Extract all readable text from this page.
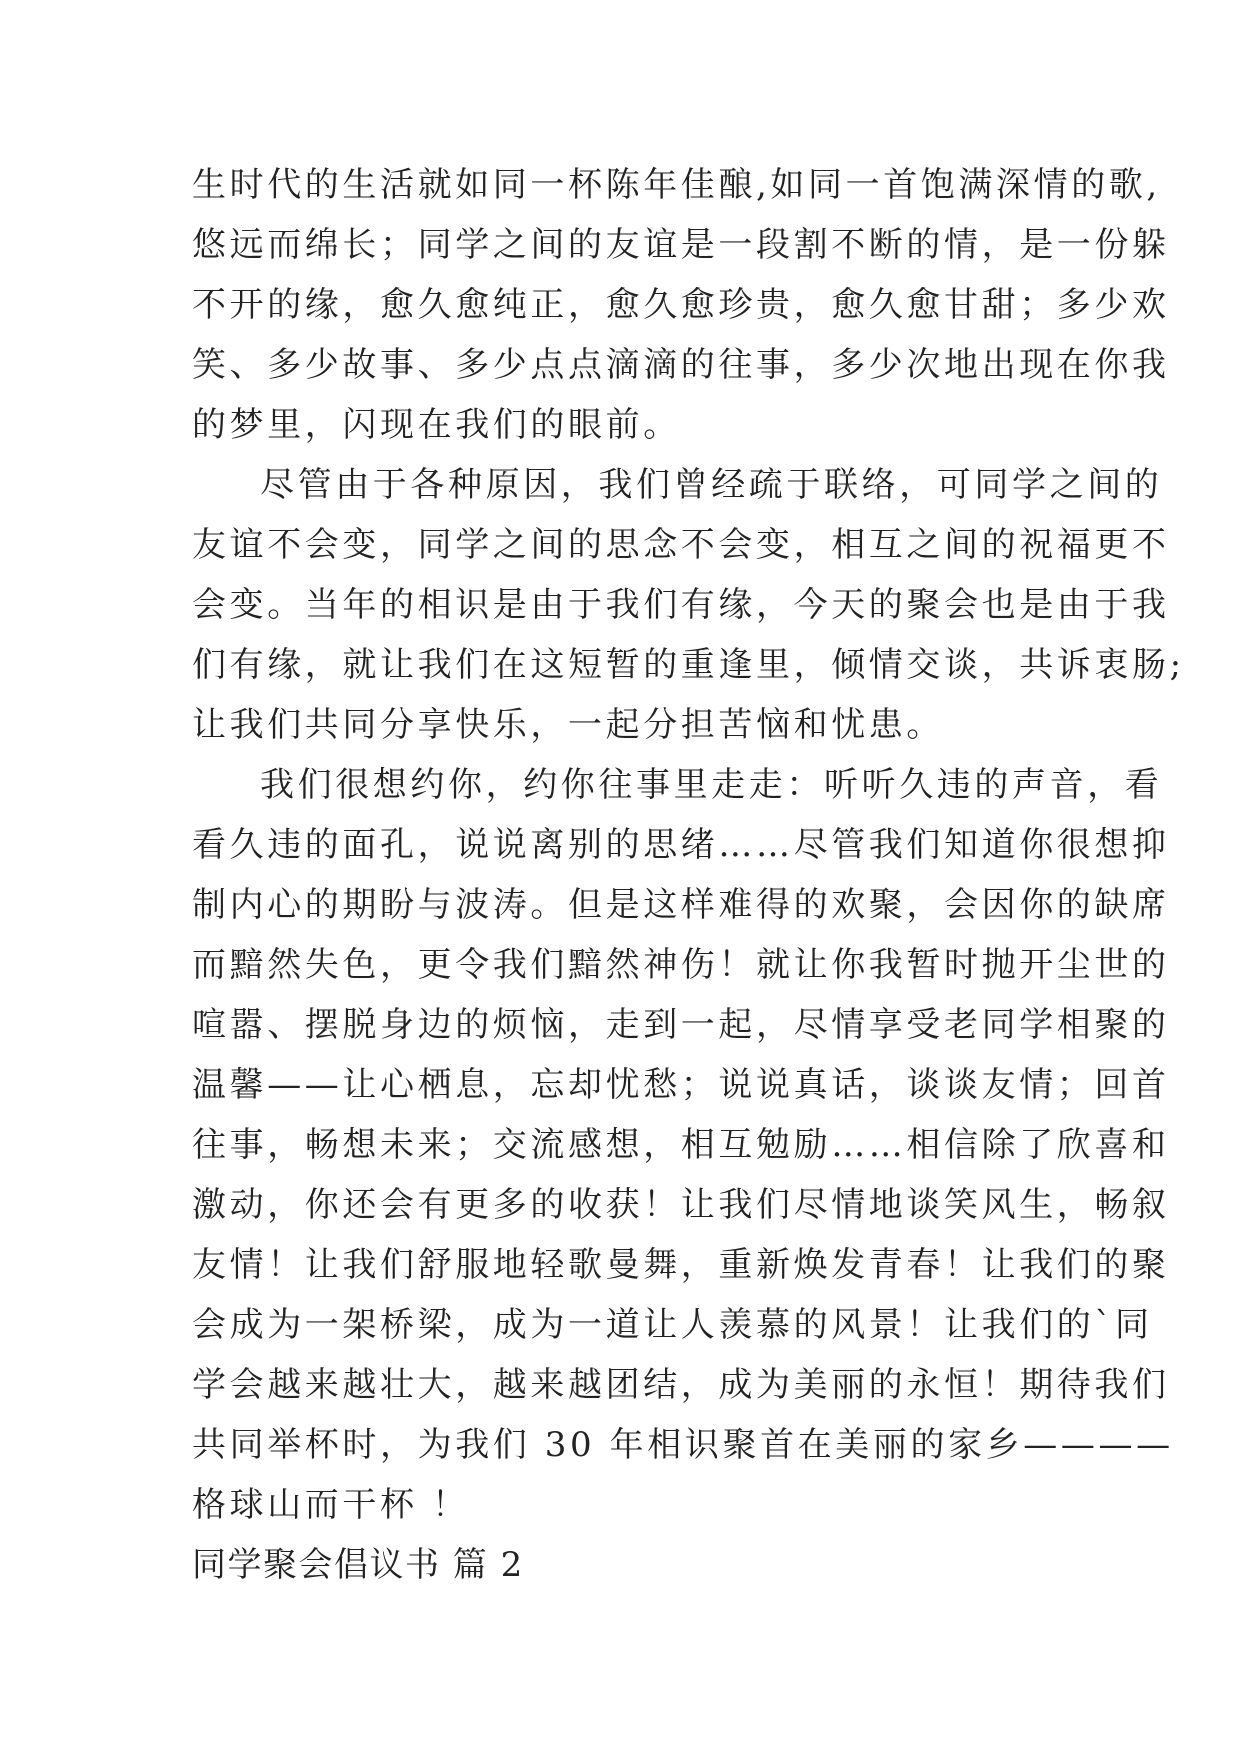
生时代的生活就如同一杯陈年佳酿,如同一首饱满深情的歌,
悠远而绵长；同学之间的友谊是一段割不断的情，是一份躲
不开的缘，愈久愈纯正，愈久愈珍贵，愈久愈甘甜；多少欢
笑、多少故事、多少点点滴滴的往事，多少次地出现在你我
的梦里，闪现在我们的眼前。
尽管由于各种原因，我们曾经疏于联络，可同学之间的
友谊不会变，同学之间的思念不会变，相互之间的祝福更不
会变。当年的相识是由于我们有缘，今天的聚会也是由于我
们有缘，就让我们在这短暂的重逢里，倾情交谈，共诉衷肠;
让我们共同分享快乐，一起分担苦恼和忧患。
我们很想约你，约你往事里走走：听听久违的声音，看
看久违的面孔，说说离别的思绪……尽管我们知道你很想抑
制内心的期盼与波涛。但是这样难得的欢聚，会因你的缺席
而黯然失色，更令我们黯然神伤！就让你我暂时抛开尘世的
喧嚣、摆脱身边的烦恼，走到一起，尽情享受老同学相聚的
温馨——让心栖息，忘却忧愁；说说真话，谈谈友情；回首
往事，畅想未来；交流感想，相互勉励……相信除了欣喜和
激动，你还会有更多的收获！让我们尽情地谈笑风生，畅叙
友情！让我们舒服地轻歌曼舞，重新焕发青春！让我们的聚
会成为一架桥梁，成为一道让人羡慕的风景！让我们的`同
学会越来越壮大，越来越团结，成为美丽的永恒！期待我们
共同举杯时，为我们 30 年相识聚首在美丽的家乡————
格球山而干杯 ！
同学聚会倡议书 篇 2
